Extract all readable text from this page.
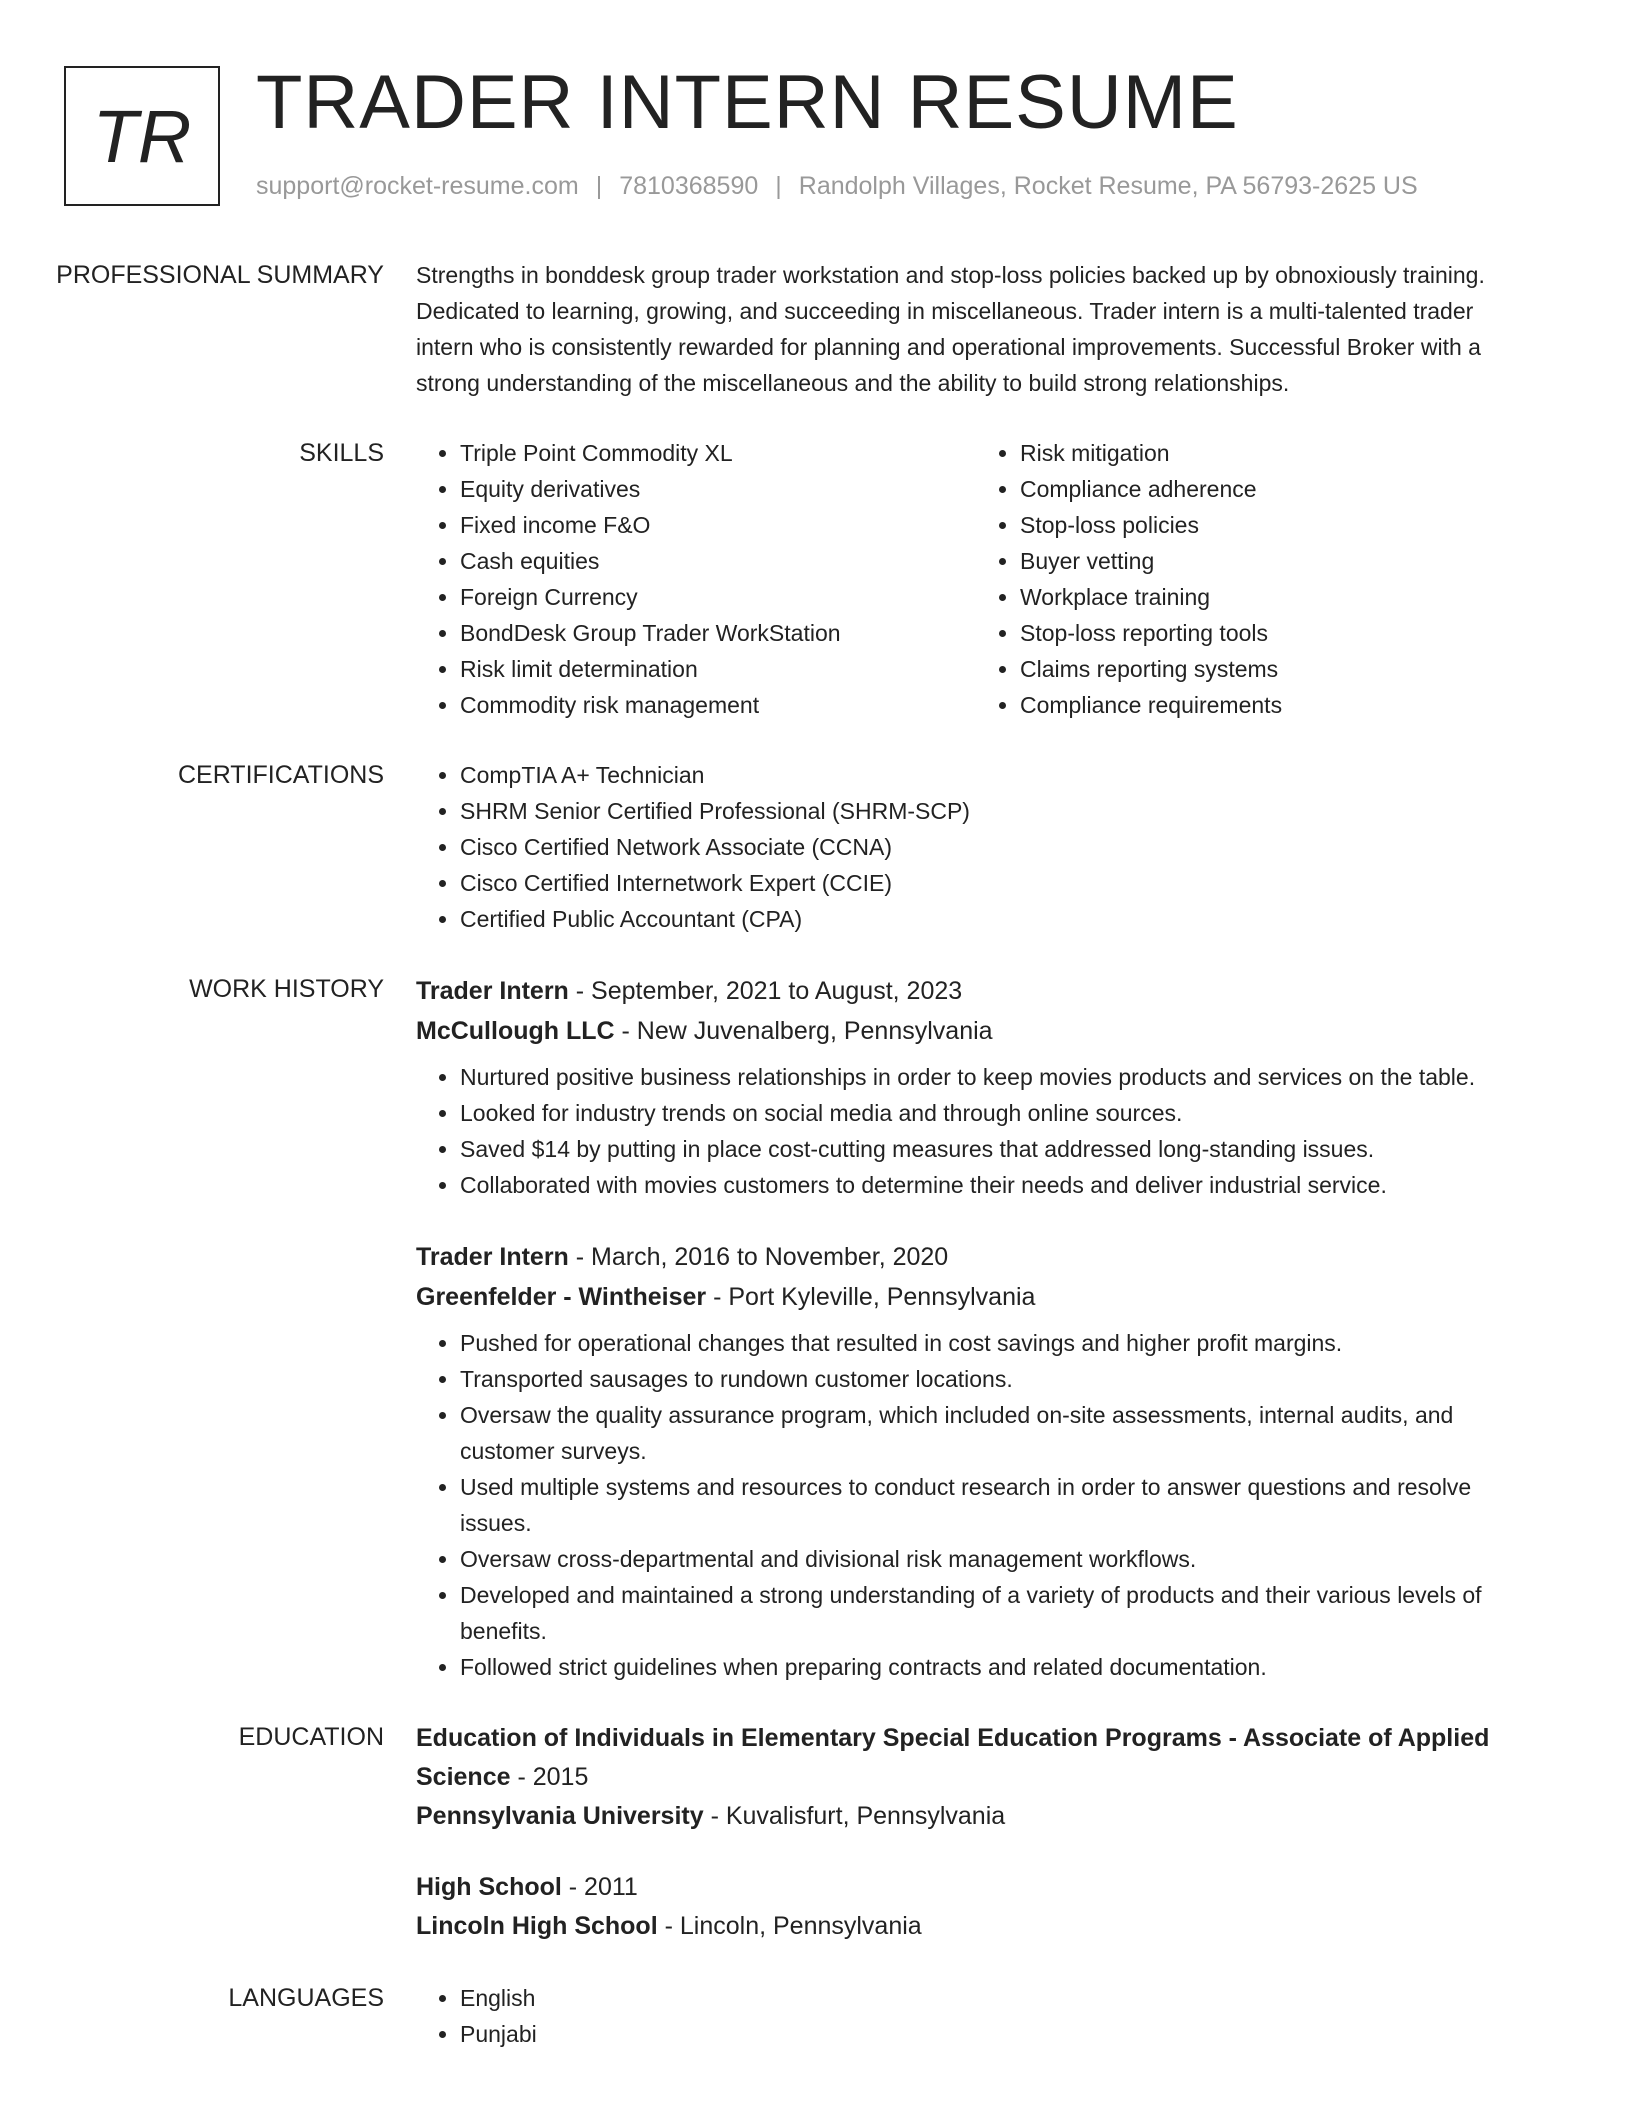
TR TRADER INTERN RESUME
support@rocket-resume.com | 7810368590 | Randolph Villages, Rocket Resume, PA 56793-2625 US
PROFESSIONAL SUMMARY	Strengths in bonddesk group trader workstation and stop-loss policies backed up by obnoxiously training. Dedicated to learning, growing, and succeeding in miscellaneous. Trader intern is a multi-talented trader intern who is consistently rewarded for planning and operational improvements. Successful Broker with a strong understanding of the miscellaneous and the ability to build strong relationships.

SKILLS	• Triple Point Commodity XL
• Equity derivatives
• Fixed income F&O
• Cash equities
• Foreign Currency
• BondDesk Group Trader WorkStation
• Risk limit determination
• Commodity risk management
• Risk mitigation
• Compliance adherence
• Stop-loss policies
• Buyer vetting
• Workplace training
• Stop-loss reporting tools
• Claims reporting systems
• Compliance requirements
CERTIFICATIONS	• CompTIA A+ Technician
• SHRM Senior Certified Professional (SHRM-SCP)
• Cisco Certified Network Associate (CCNA)
• Cisco Certified Internetwork Expert (CCIE)
• Certified Public Accountant (CPA)
WORK HISTORY	Trader Intern - September, 2021 to August, 2023
McCullough LLC - New Juvenalberg, Pennsylvania
• Nurtured positive business relationships in order to keep movies products and services on the table.
• Looked for industry trends on social media and through online sources.
• Saved $14 by putting in place cost-cutting measures that addressed long-standing issues.
• Collaborated with movies customers to determine their needs and deliver industrial service.
Trader Intern - March, 2016 to November, 2020
Greenfelder - Wintheiser - Port Kyleville, Pennsylvania
• Pushed for operational changes that resulted in cost savings and higher profit margins.
• Transported sausages to rundown customer locations.
• Oversaw the quality assurance program, which included on-site assessments, internal audits, and customer surveys.
• Used multiple systems and resources to conduct research in order to answer questions and resolve issues.
• Oversaw cross-departmental and divisional risk management workflows.
• Developed and maintained a strong understanding of a variety of products and their various levels of benefits.
• Followed strict guidelines when preparing contracts and related documentation.
EDUCATION	Education of Individuals in Elementary Special Education Programs - Associate of Applied Science - 2015
Pennsylvania University - Kuvalisfurt, Pennsylvania
High School - 2011
Lincoln High School - Lincoln, Pennsylvania
LANGUAGES	• English
• Punjabi
